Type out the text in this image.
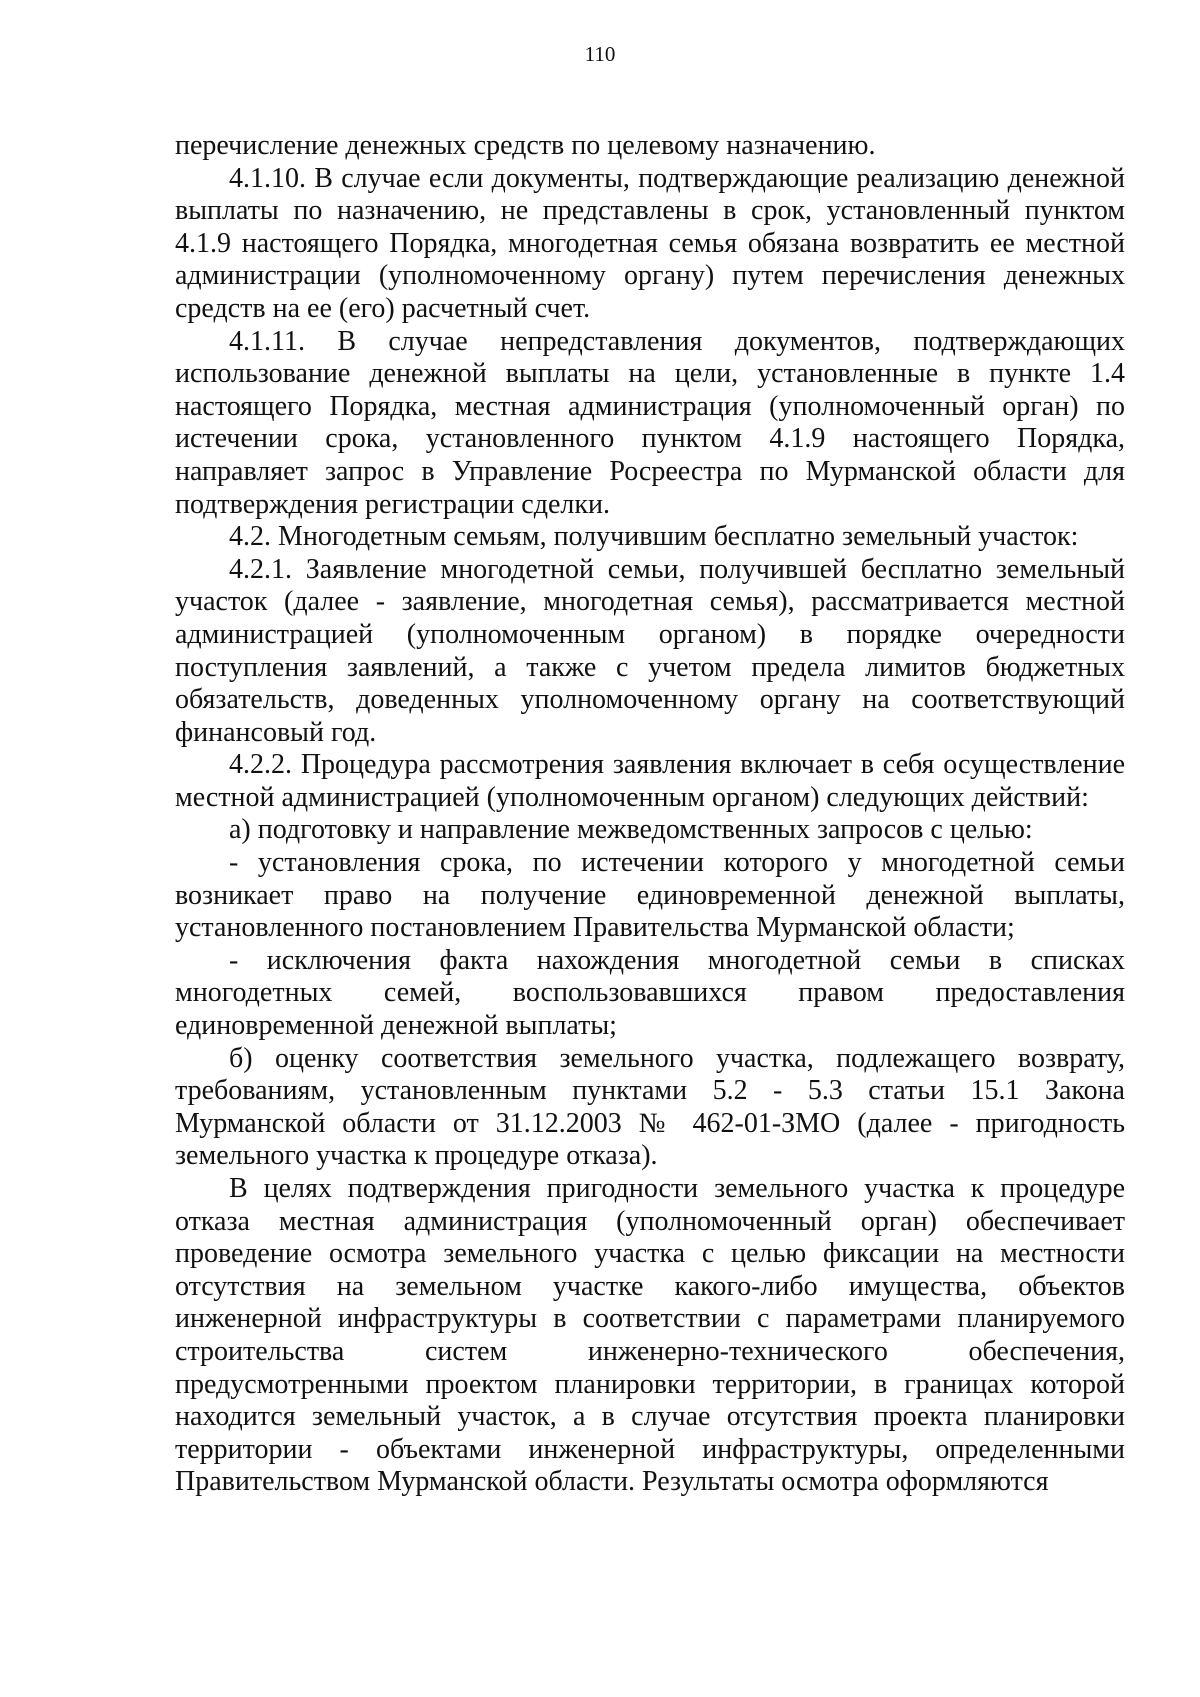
110

перечисление денежных средств по целевому назначению.

4.1.10. В случае если документы, подтверждающие реализацию денежной выплаты по назначению, не представлены в срок, установленный пунктом 4.1.9 настоящего Порядка, многодетная семья обязана возвратить ее местной администрации (уполномоченному органу) путем перечисления денежных средств на ее (его) расчетный счет.

4.1.11. В случае непредставления документов, подтверждающих использование денежной выплаты на цели, установленные в пункте 1.4 настоящего Порядка, местная администрация (уполномоченный орган) по истечении срока, установленного пунктом 4.1.9 настоящего Порядка, направляет запрос в Управление Росреестра по Мурманской области для подтверждения регистрации сделки.

4.2. Многодетным семьям, получившим бесплатно земельный участок:

4.2.1. Заявление многодетной семьи, получившей бесплатно земельный участок (далее - заявление, многодетная семья), рассматривается местной администрацией (уполномоченным органом) в порядке очередности поступления заявлений, а также с учетом предела лимитов бюджетных обязательств, доведенных уполномоченному органу на соответствующий финансовый год.

4.2.2. Процедура рассмотрения заявления включает в себя осуществление местной администрацией (уполномоченным органом) следующих действий:

а) подготовку и направление межведомственных запросов с целью:

- установления срока, по истечении которого у многодетной семьи возникает право на получение единовременной денежной выплаты, установленного постановлением Правительства Мурманской области;

- исключения факта нахождения многодетной семьи в списках многодетных семей, воспользовавшихся правом предоставления единовременной денежной выплаты;

б) оценку соответствия земельного участка, подлежащего возврату, требованиям, установленным пунктами 5.2 - 5.3 статьи 15.1 Закона Мурманской области от 31.12.2003 № 462-01-ЗМО (далее - пригодность земельного участка к процедуре отказа).

В целях подтверждения пригодности земельного участка к процедуре отказа местная администрация (уполномоченный орган) обеспечивает проведение осмотра земельного участка с целью фиксации на местности отсутствия на земельном участке какого-либо имущества, объектов инженерной инфраструктуры в соответствии с параметрами планируемого строительства систем инженерно-технического обеспечения, предусмотренными проектом планировки территории, в границах которой находится земельный участок, а в случае отсутствия проекта планировки территории - объектами инженерной инфраструктуры, определенными Правительством Мурманской области. Результаты осмотра оформляются
